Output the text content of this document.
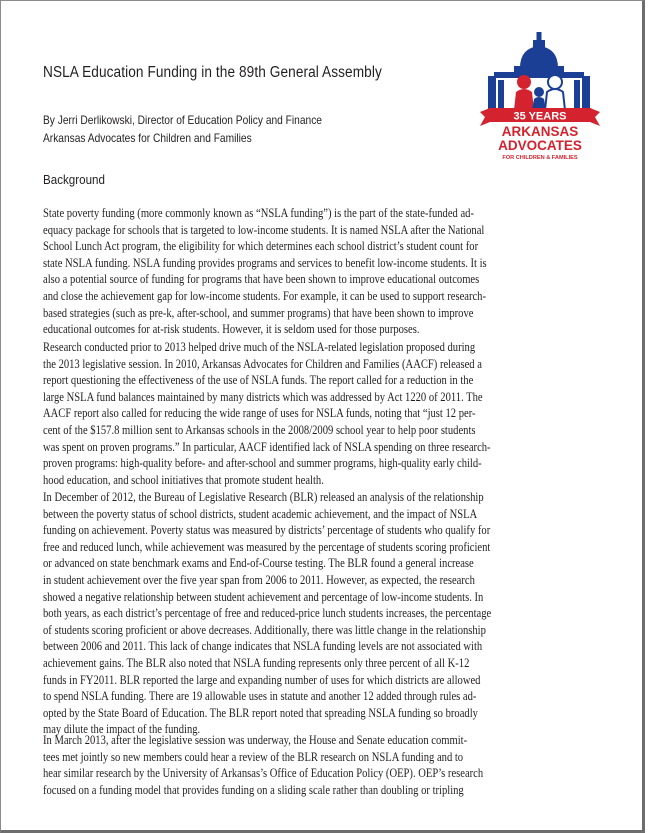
NSLA Education Funding in the 89th General Assembly
By Jerri Derlikowski, Director of Education Policy and Finance
Arkansas Advocates for Children and Families
Background
35 YEARS
ARKANSAS
ADVOCATES
FOR CHILDREN & FAMILIES
State poverty funding (more commonly known as “NSLA funding”) is the part of the state-funded ad-
equacy package for schools that is targeted to low-income students. It is named NSLA after the National
School Lunch Act program, the eligibility for which determines each school district’s student count for
state NSLA funding. NSLA funding provides programs and services to benefit low-income students. It is
also a potential source of funding for programs that have been shown to improve educational outcomes
and close the achievement gap for low-income students. For example, it can be used to support research-
based strategies (such as pre-k, after-school, and summer programs) that have been shown to improve
educational outcomes for at-risk students. However, it is seldom used for those purposes.
Research conducted prior to 2013 helped drive much of the NSLA-related legislation proposed during
the 2013 legislative session. In 2010, Arkansas Advocates for Children and Families (AACF) released a
report questioning the effectiveness of the use of NSLA funds. The report called for a reduction in the
large NSLA fund balances maintained by many districts which was addressed by Act 1220 of 2011. The
AACF report also called for reducing the wide range of uses for NSLA funds, noting that “just 12 per-
cent of the $157.8 million sent to Arkansas schools in the 2008/2009 school year to help poor students
was spent on proven programs.” In particular, AACF identified lack of NSLA spending on three research-
proven programs: high-quality before- and after-school and summer programs, high-quality early child-
hood education, and school initiatives that promote student health.
In December of 2012, the Bureau of Legislative Research (BLR) released an analysis of the relationship
between the poverty status of school districts, student academic achievement, and the impact of NSLA
funding on achievement. Poverty status was measured by districts’ percentage of students who qualify for
free and reduced lunch, while achievement was measured by the percentage of students scoring proficient
or advanced on state benchmark exams and End-of-Course testing. The BLR found a general increase
in student achievement over the five year span from 2006 to 2011. However, as expected, the research
showed a negative relationship between student achievement and percentage of low-income students. In
both years, as each district’s percentage of free and reduced-price lunch students increases, the percentage
of students scoring proficient or above decreases. Additionally, there was little change in the relationship
between 2006 and 2011. This lack of change indicates that NSLA funding levels are not associated with
achievement gains. The BLR also noted that NSLA funding represents only three percent of all K-12
funds in FY2011. BLR reported the large and expanding number of uses for which districts are allowed
to spend NSLA funding. There are 19 allowable uses in statute and another 12 added through rules ad-
opted by the State Board of Education. The BLR report noted that spreading NSLA funding so broadly
may dilute the impact of the funding.
In March 2013, after the legislative session was underway, the House and Senate education commit-
tees met jointly so new members could hear a review of the BLR research on NSLA funding and to
hear similar research by the University of Arkansas’s Office of Education Policy (OEP). OEP’s research
focused on a funding model that provides funding on a sliding scale rather than doubling or tripling
